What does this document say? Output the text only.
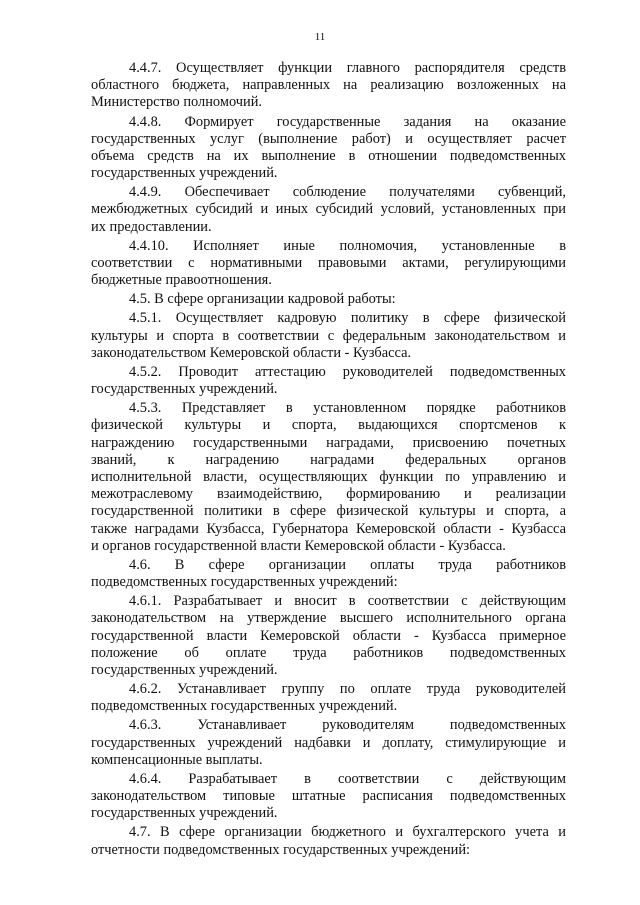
11
4.4.7. Осуществляет функции главного распорядителя средств
областного бюджета, направленных на реализацию возложенных на
Министерство полномочий.
4.4.8. Формирует государственные задания на оказание
государственных услуг (выполнение работ) и осуществляет расчет
объема средств на их выполнение в отношении подведомственных
государственных учреждений.
4.4.9. Обеспечивает соблюдение получателями субвенций,
межбюджетных субсидий и иных субсидий условий, установленных при
их предоставлении.
4.4.10. Исполняет иные полномочия, установленные в
соответствии с нормативными правовыми актами, регулирующими
бюджетные правоотношения.
4.5. В сфере организации кадровой работы:
4.5.1. Осуществляет кадровую политику в сфере физической
культуры и спорта в соответствии с федеральным законодательством и
законодательством Кемеровской области - Кузбасса.
4.5.2. Проводит аттестацию руководителей подведомственных
государственных учреждений.
4.5.3. Представляет в установленном порядке работников
физической культуры и спорта, выдающихся спортсменов к
награждению государственными наградами, присвоению почетных
званий, к наградению наградами федеральных органов
исполнительной власти, осуществляющих функции по управлению и
межотраслевому взаимодействию, формированию и реализации
государственной политики в сфере физической культуры и спорта, а
также наградами Кузбасса, Губернатора Кемеровской области - Кузбасса
и органов государственной власти Кемеровской области - Кузбасса.
4.6. В сфере организации оплаты труда работников
подведомственных государственных учреждений:
4.6.1. Разрабатывает и вносит в соответствии с действующим
законодательством на утверждение высшего исполнительного органа
государственной власти Кемеровской области - Кузбасса примерное
положение об оплате труда работников подведомственных
государственных учреждений.
4.6.2. Устанавливает группу по оплате труда руководителей
подведомственных государственных учреждений.
4.6.3. Устанавливает руководителям подведомственных
государственных учреждений надбавки и доплату, стимулирующие и
компенсационные выплаты.
4.6.4. Разрабатывает в соответствии с действующим
законодательством типовые штатные расписания подведомственных
государственных учреждений.
4.7. В сфере организации бюджетного и бухгалтерского учета и
отчетности подведомственных государственных учреждений:
